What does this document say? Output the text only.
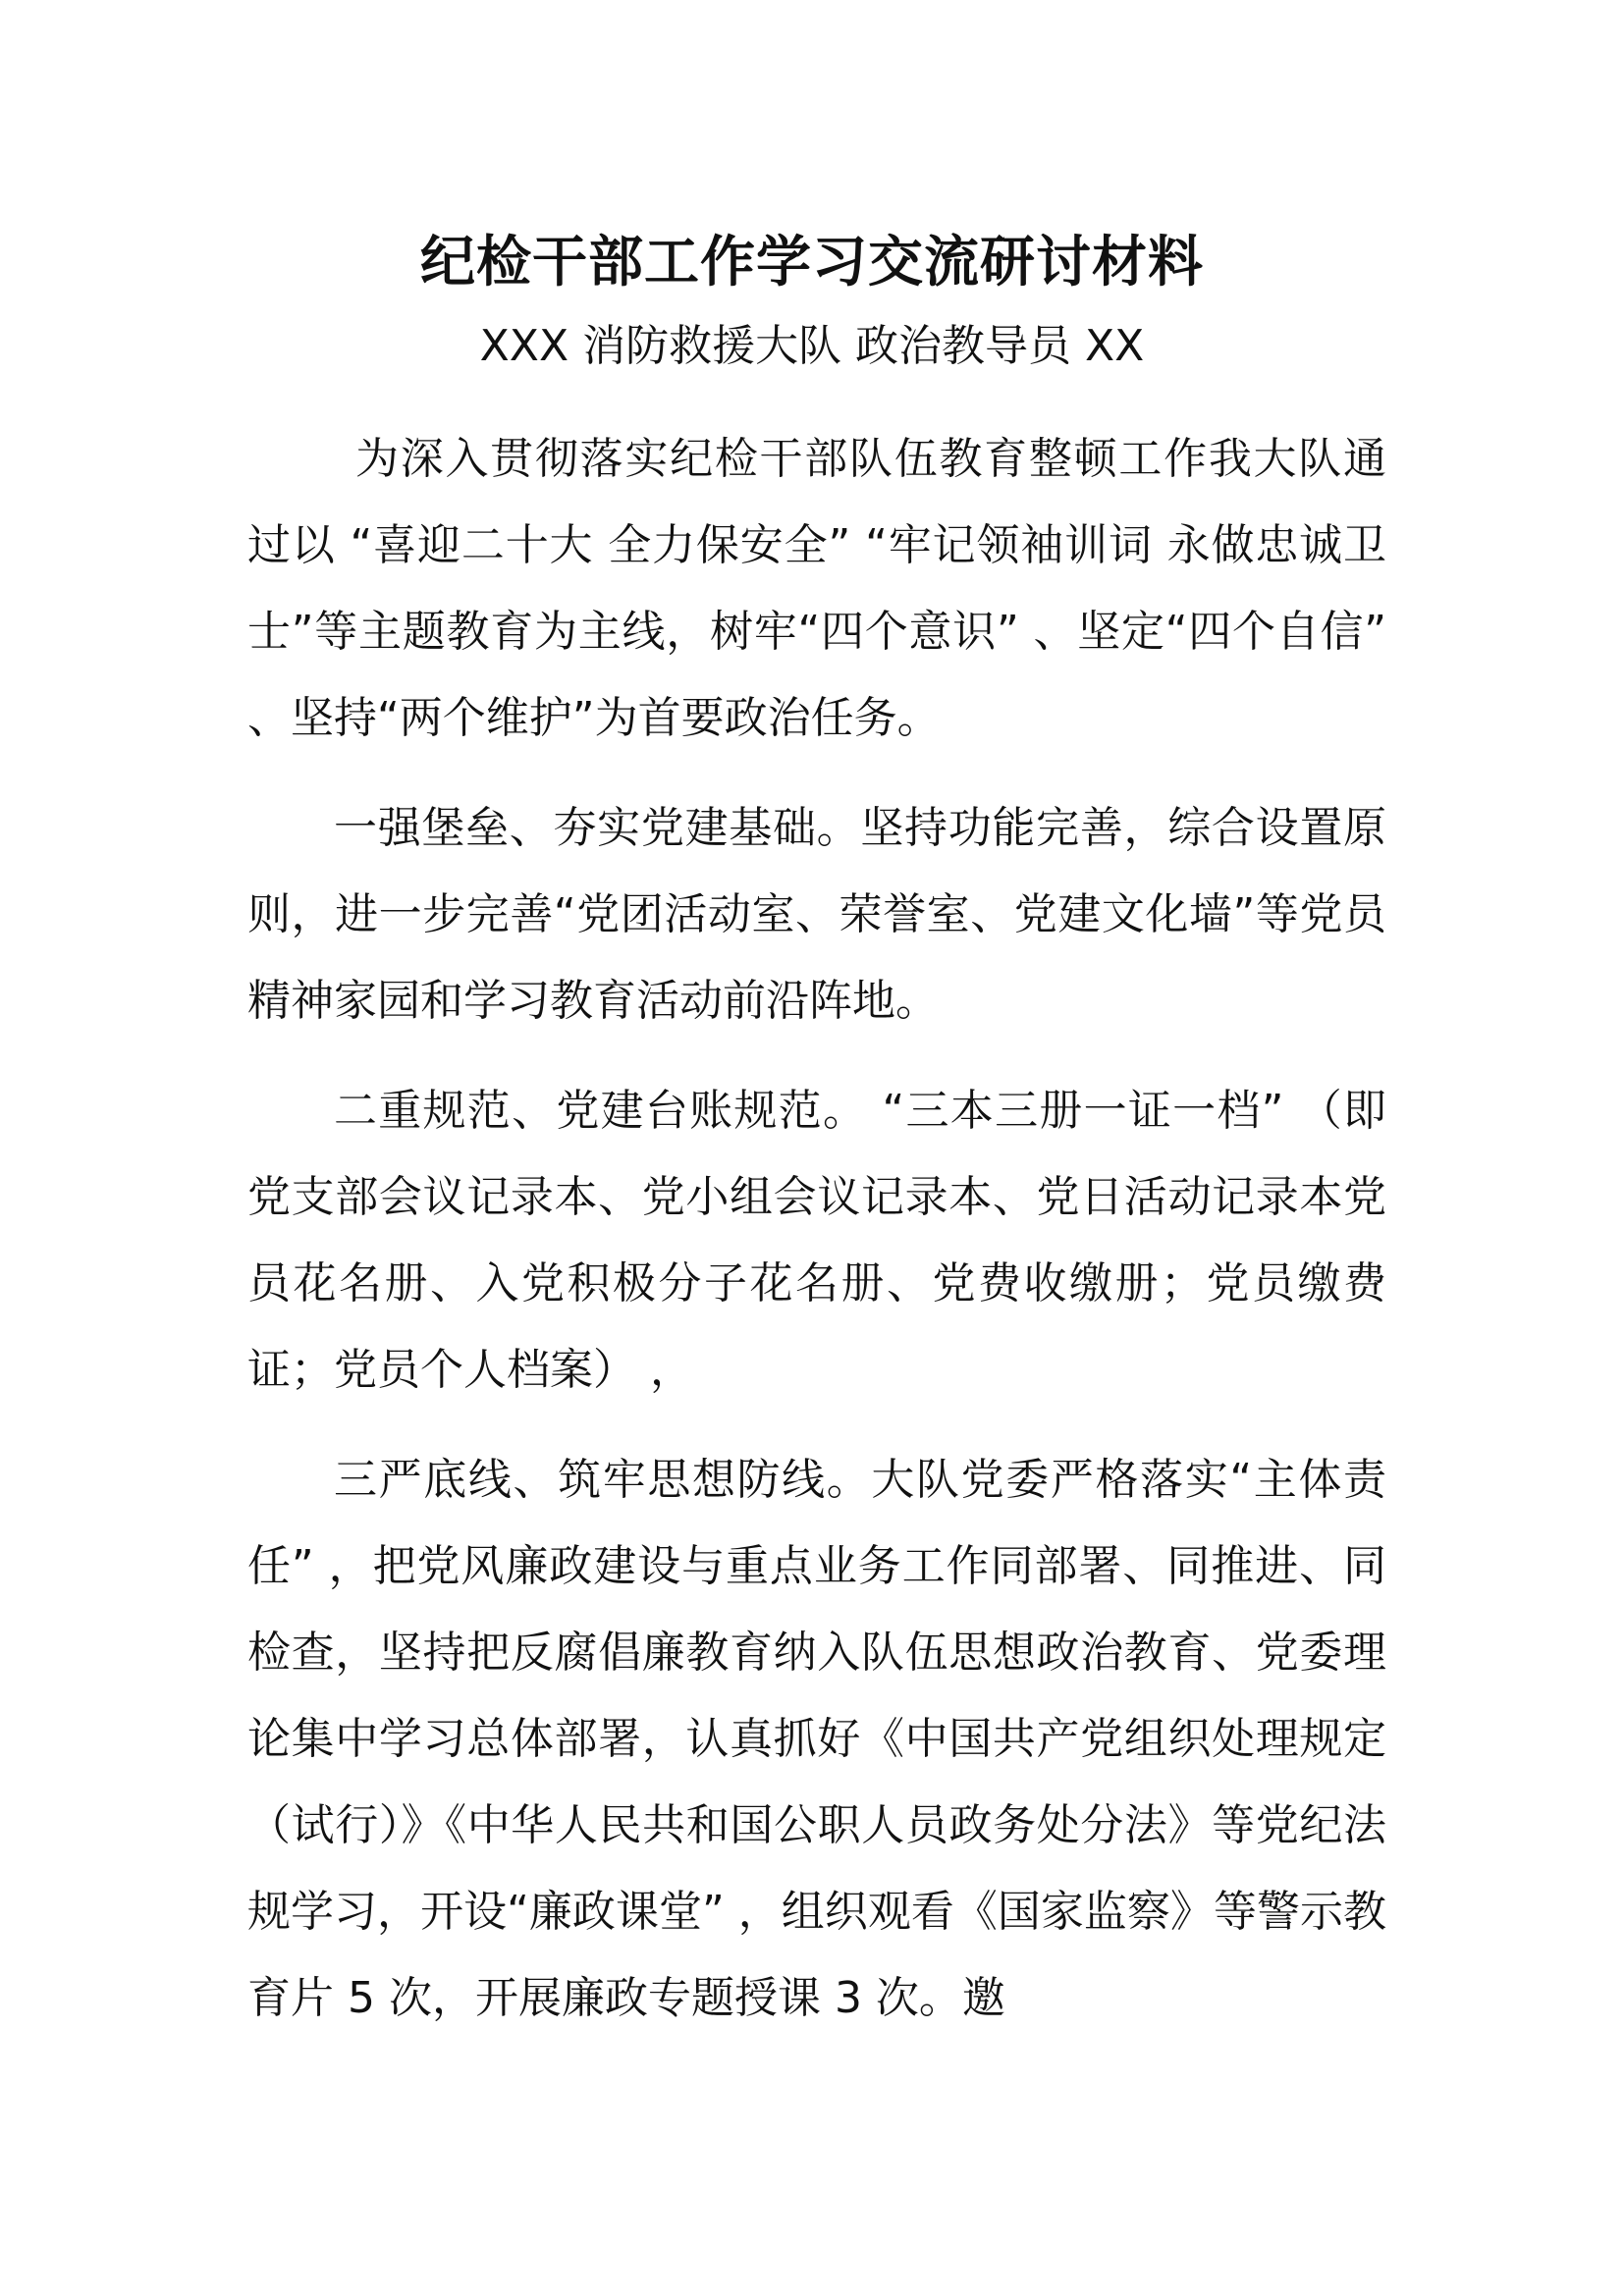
纪检干部工作学习交流研讨材料

XXX 消防救援大队 政治教导员 XX

为深入贯彻落实纪检干部队伍教育整顿工作我大队通过以 “喜迎二十大 全力保安全” “牢记领袖训词 永做忠诚卫士”等主题教育为主线，树牢“四个意识” 、坚定“四个自信” 、坚持“两个维护”为首要政治任务。

一强堡垒、夯实党建基础。坚持功能完善，综合设置原则，进一步完善“党团活动室、荣誉室、党建文化墙”等党员精神家园和学习教育活动前沿阵地。

二重规范、党建台账规范。 “三本三册一证一档” （即党支部会议记录本、党小组会议记录本、党日活动记录本党员花名册、入党积极分子花名册、党费收缴册；党员缴费证；党员个人档案） ，

三严底线、筑牢思想防线。大队党委严格落实“主体责任” ，把党风廉政建设与重点业务工作同部署、同推进、同检查，坚持把反腐倡廉教育纳入队伍思想政治教育、党委理论集中学习总体部署，认真抓好《中国共产党组织处理规定（试行）》《中华人民共和国公职人员政务处分法》等党纪法规学习，开设“廉政课堂” ，组织观看《国家监察》等警示教育片 5 次，开展廉政专题授课 3 次。邀
